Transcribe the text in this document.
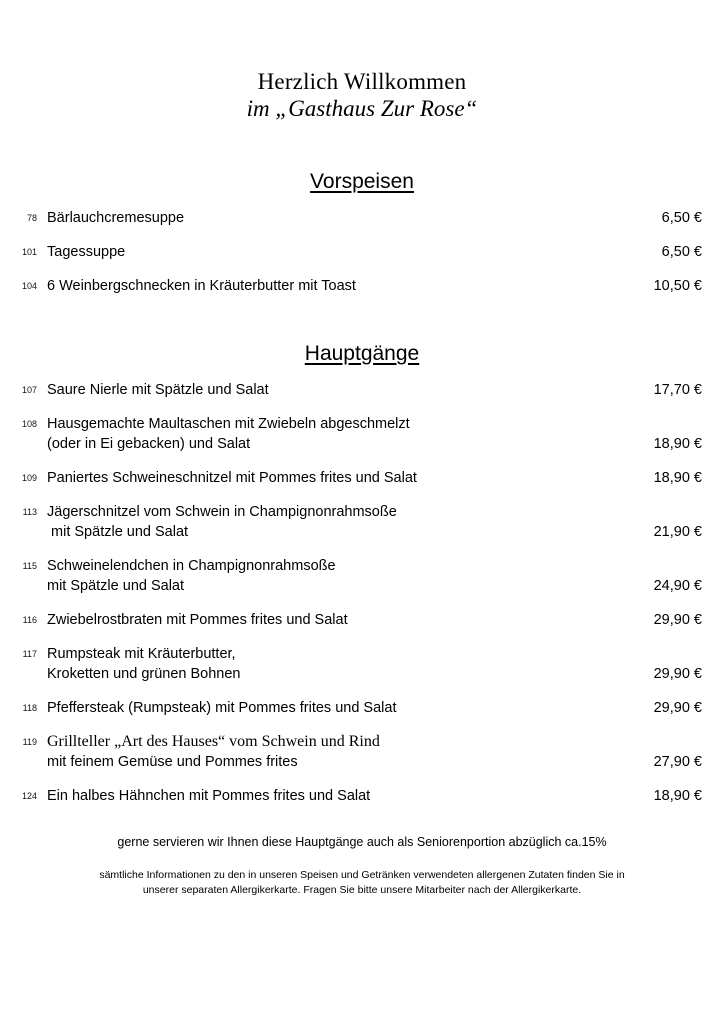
Herzlich Willkommen
im „Gasthaus Zur Rose“
Vorspeisen
78 Bärlauchcremesuppe	6,50 €
101 Tagessuppe	6,50 €
104 6 Weinbergschnecken in Kräuterbutter mit Toast	10,50 €
Hauptgänge
107 Saure Nierle mit Spätzle und Salat	17,70 €
108 Hausgemachte Maultaschen mit Zwiebeln abgeschmelzt
(oder in Ei gebacken) und Salat	18,90 €
109 Paniertes Schweineschnitzel mit Pommes frites und Salat	18,90 €
113 Jägerschnitzel vom Schwein in Champignonrahmsoße
mit Spätzle und Salat	21,90 €
115 Schweinelendchen in Champignonrahmsoße
mit Spätzle und Salat	24,90 €
116 Zwiebelrostbraten mit Pommes frites und Salat	29,90 €
117 Rumpsteak mit Kräuterbutter,
Kroketten und grünen Bohnen	29,90 €
118 Pfeffersteak (Rumpsteak) mit Pommes frites und Salat	29,90 €
119 Grillteller „Art des Hauses“ vom Schwein und Rind
mit feinem Gemüse und Pommes frites	27,90 €
124 Ein halbes Hähnchen mit Pommes frites und Salat	18,90 €

gerne servieren wir Ihnen diese Hauptgänge auch als Seniorenportion abzüglich ca.15%

sämtliche Informationen zu den in unseren Speisen und Getränken verwendeten allergenen Zutaten finden Sie in
unserer separaten Allergikerkarte. Fragen Sie bitte unsere Mitarbeiter nach der Allergikerkarte.
